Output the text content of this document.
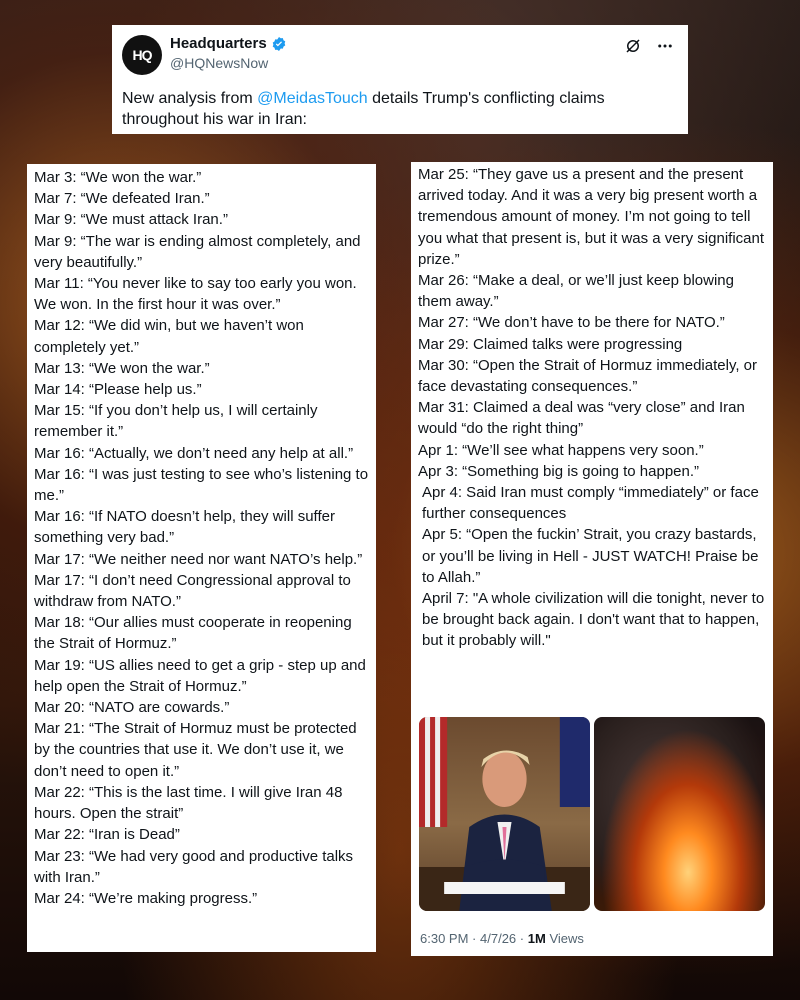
HQ
Headquarters
@HQNewsNow
New analysis from @MeidasTouch details Trump's conflicting claims throughout his war in Iran:

Mar 3: “We won the war.”

Mar 7: “We defeated Iran.”

Mar 9: “We must attack Iran.”

Mar 9: “The war is ending almost completely, and very beautifully.”

Mar 11: “You never like to say too early you won. We won. In the first hour it was over.”

Mar 12: “We did win, but we haven’t won completely yet.”

Mar 13: “We won the war.”

Mar 14: “Please help us.”

Mar 15: “If you don’t help us, I will certainly remember it.”

Mar 16: “Actually, we don’t need any help at all.”

Mar 16: “I was just testing to see who’s listening to me.”

Mar 16: “If NATO doesn’t help, they will suffer something very bad.”

Mar 17: “We neither need nor want NATO’s help.”

Mar 17: “I don’t need Congressional approval to withdraw from NATO.”

Mar 18: “Our allies must cooperate in reopening the Strait of Hormuz.”

Mar 19: “US allies need to get a grip - step up and help open the Strait of Hormuz.”

Mar 20: “NATO are cowards.”

Mar 21: “The Strait of Hormuz must be protected by the countries that use it. We don’t use it, we don’t need to open it.”

Mar 22: “This is the last time. I will give Iran 48 hours. Open the strait”

Mar 22: “Iran is Dead”

Mar 23: “We had very good and productive talks with Iran.”

Mar 24: “We’re making progress.”

Mar 25: “They gave us a present and the present arrived today. And it was a very big present worth a tremendous amount of money. I’m not going to tell you what that present is, but it was a very significant prize.”

Mar 26: “Make a deal, or we’ll just keep blowing them away.”

Mar 27: “We don’t have to be there for NATO.”

Mar 29: Claimed talks were progressing

Mar 30: “Open the Strait of Hormuz immediately, or face devastating consequences.”

Mar 31: Claimed a deal was “very close” and Iran would “do the right thing”

Apr 1: “We’ll see what happens very soon.”

Apr 3: “Something big is going to happen.”

Apr 4: Said Iran must comply “immediately” or face further consequences

Apr 5: “Open the fuckin’ Strait, you crazy bastards, or you’ll be living in Hell - JUST WATCH! Praise be to Allah.”

April 7: "A whole civilization will die tonight, never to be brought back again. I don't want that to happen, but it probably will."

6:30 PM · 4/7/26 · 1M Views
